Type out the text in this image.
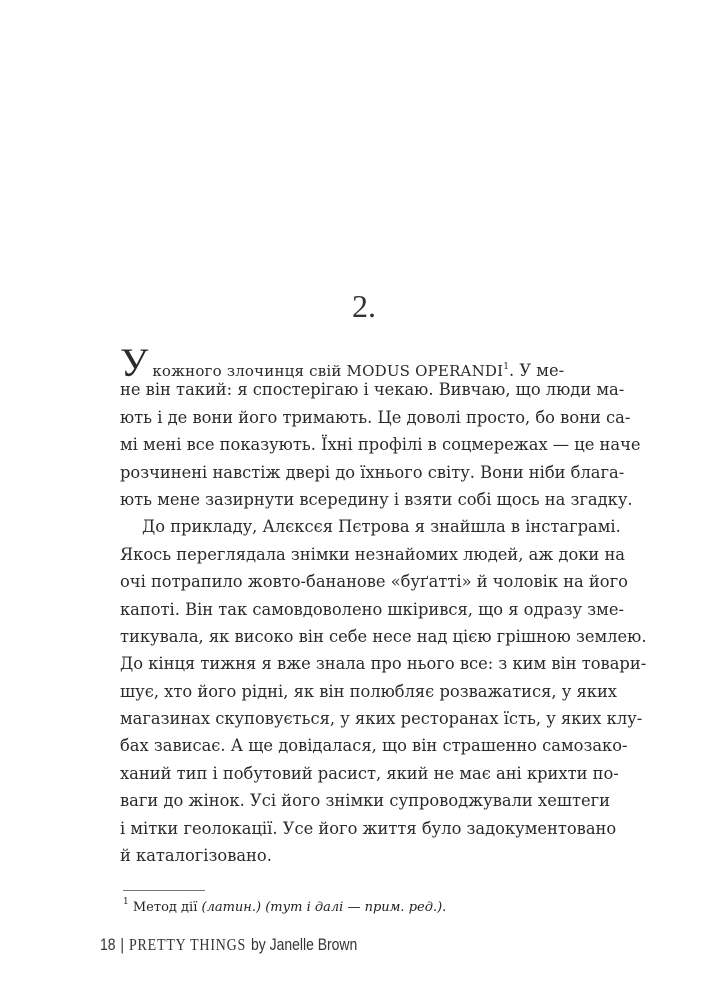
2.
Укожного злочинця свій MODUS OPERANDI$^1$. У ме-
не він такий: я спостерігаю і чекаю. Вивчаю, що люди ма-
ють і де вони його тримають. Це доволі просто, бо вони са-
мі мені все показують. Їхні профілі в соцмережах — це наче
розчинені навстіж двері до їхнього світу. Вони ніби блага-
ють мене зазирнути всередину і взяти собі щось на згадку.
До прикладу, Алєксєя Пєтрова я знайшла в інстаграмі.
Якось переглядала знімки незнайомих людей, аж доки на
очі потрапило жовто-бананове «буґатті» й чоловік на його
капоті. Він так самовдоволено шкірився, що я одразу зме-
тикувала, як високо він себе несе над цією грішною землею.
До кінця тижня я вже знала про нього все: з ким він товари-
шує, хто його рідні, як він полюбляє розважатися, у яких
магазинах скуповується, у яких ресторанах їсть, у яких клу-
бах зависає. А ще довідалася, що він страшенно самозако-
ханий тип і побутовий расист, який не має ані крихти по-
ваги до жінок. Усі його знімки супроводжували хештеги
і мітки геолокації. Усе його життя було задокументовано
й каталогізовано.
$^1$ Метод дії (латин.) (тут і далі — прим. ред.).
18 | PRETTY THINGS by Janelle Brown
